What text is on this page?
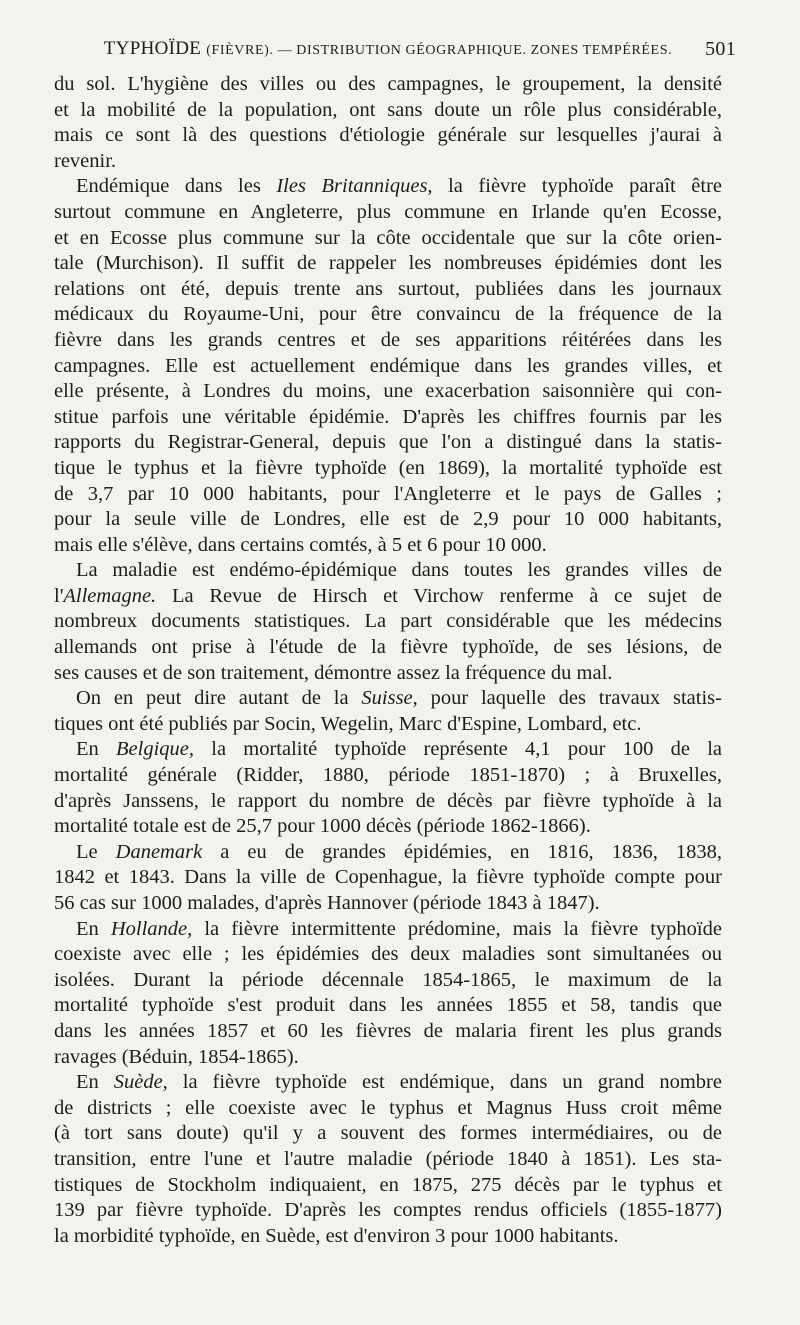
TYPHOÏDE (FIÈVRE). — DISTRIBUTION GÉOGRAPHIQUE. ZONES TEMPÉRÉES. 501
du sol. L'hygiène des villes ou des campagnes, le groupement, la densité
et la mobilité de la population, ont sans doute un rôle plus considérable,
mais ce sont là des questions d'étiologie générale sur lesquelles j'aurai à
revenir.
Endémique dans les Iles Britanniques, la fièvre typhoïde paraît être
surtout commune en Angleterre, plus commune en Irlande qu'en Ecosse,
et en Ecosse plus commune sur la côte occidentale que sur la côte orien-
tale (Murchison). Il suffit de rappeler les nombreuses épidémies dont les
relations ont été, depuis trente ans surtout, publiées dans les journaux
médicaux du Royaume-Uni, pour être convaincu de la fréquence de la
fièvre dans les grands centres et de ses apparitions réitérées dans les
campagnes. Elle est actuellement endémique dans les grandes villes, et
elle présente, à Londres du moins, une exacerbation saisonnière qui con-
stitue parfois une véritable épidémie. D'après les chiffres fournis par les
rapports du Registrar-General, depuis que l'on a distingué dans la statis-
tique le typhus et la fièvre typhoïde (en 1869), la mortalité typhoïde est
de 3,7 par 10 000 habitants, pour l'Angleterre et le pays de Galles ;
pour la seule ville de Londres, elle est de 2,9 pour 10 000 habitants,
mais elle s'élève, dans certains comtés, à 5 et 6 pour 10 000.
La maladie est endémo-épidémique dans toutes les grandes villes de
l'Allemagne. La Revue de Hirsch et Virchow renferme à ce sujet de
nombreux documents statistiques. La part considérable que les médecins
allemands ont prise à l'étude de la fièvre typhoïde, de ses lésions, de
ses causes et de son traitement, démontre assez la fréquence du mal.
On en peut dire autant de la Suisse, pour laquelle des travaux statis-
tiques ont été publiés par Socin, Wegelin, Marc d'Espine, Lombard, etc.
En Belgique, la mortalité typhoïde représente 4,1 pour 100 de la
mortalité générale (Ridder, 1880, période 1851-1870) ; à Bruxelles,
d'après Janssens, le rapport du nombre de décès par fièvre typhoïde à la
mortalité totale est de 25,7 pour 1000 décès (période 1862-1866).
Le Danemark a eu de grandes épidémies, en 1816, 1836, 1838,
1842 et 1843. Dans la ville de Copenhague, la fièvre typhoïde compte pour
56 cas sur 1000 malades, d'après Hannover (période 1843 à 1847).
En Hollande, la fièvre intermittente prédomine, mais la fièvre typhoïde
coexiste avec elle ; les épidémies des deux maladies sont simultanées ou
isolées. Durant la période décennale 1854-1865, le maximum de la
mortalité typhoïde s'est produit dans les années 1855 et 58, tandis que
dans les années 1857 et 60 les fièvres de malaria firent les plus grands
ravages (Béduin, 1854-1865).
En Suède, la fièvre typhoïde est endémique, dans un grand nombre
de districts ; elle coexiste avec le typhus et Magnus Huss croit même
(à tort sans doute) qu'il y a souvent des formes intermédiaires, ou de
transition, entre l'une et l'autre maladie (période 1840 à 1851). Les sta-
tistiques de Stockholm indiquaient, en 1875, 275 décès par le typhus et
139 par fièvre typhoïde. D'après les comptes rendus officiels (1855-1877)
la morbidité typhoïde, en Suède, est d'environ 3 pour 1000 habitants.
